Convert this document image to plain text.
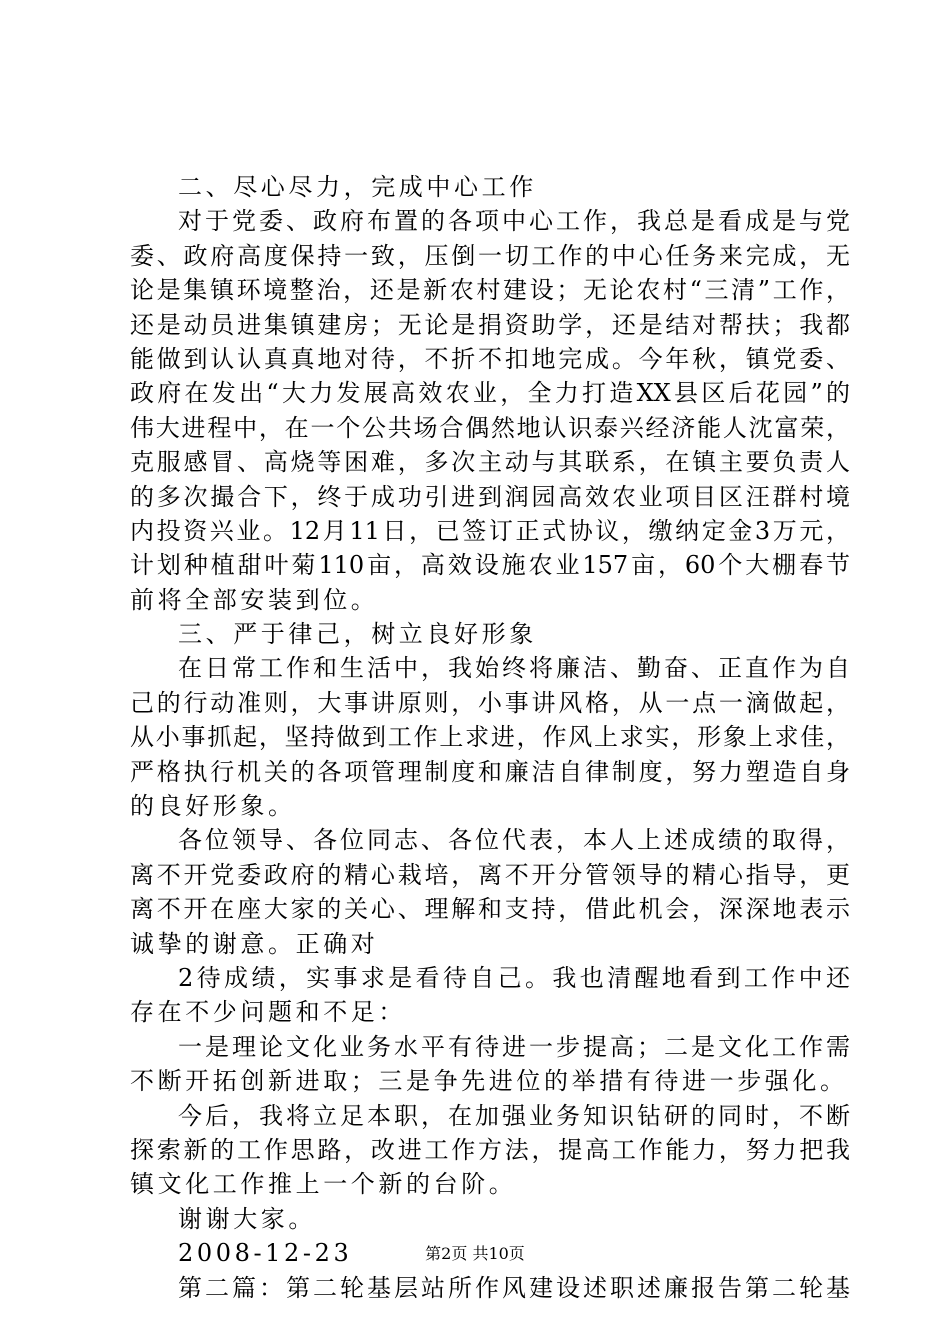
二、尽心尽力，完成中心工作
对于党委、政府布置的各项中心工作，我总是看成是与党
委、政府高度保持一致，压倒一切工作的中心任务来完成，无
论是集镇环境整治，还是新农村建设；无论农村“三清”工作，
还是动员进集镇建房；无论是捐资助学，还是结对帮扶；我都
能做到认认真真地对待，不折不扣地完成。今年秋，镇党委、
政府在发出“大力发展高效农业，全力打造XX县区后花园”的
伟大进程中，在一个公共场合偶然地认识泰兴经济能人沈富荣，
克服感冒、高烧等困难，多次主动与其联系，在镇主要负责人
的多次撮合下，终于成功引进到润园高效农业项目区汪群村境
内投资兴业。12月11日，已签订正式协议，缴纳定金3万元，
计划种植甜叶菊110亩，高效设施农业157亩，60个大棚春节
前将全部安装到位。
三、严于律己，树立良好形象
在日常工作和生活中，我始终将廉洁、勤奋、正直作为自
己的行动准则，大事讲原则，小事讲风格，从一点一滴做起，
从小事抓起，坚持做到工作上求进，作风上求实，形象上求佳，
严格执行机关的各项管理制度和廉洁自律制度，努力塑造自身
的良好形象。
各位领导、各位同志、各位代表，本人上述成绩的取得，
离不开党委政府的精心栽培，离不开分管领导的精心指导，更
离不开在座大家的关心、理解和支持，借此机会，深深地表示
诚挚的谢意。正确对
2待成绩，实事求是看待自己。我也清醒地看到工作中还
存在不少问题和不足：
一是理论文化业务水平有待进一步提高；二是文化工作需
不断开拓创新进取；三是争先进位的举措有待进一步强化。
今后，我将立足本职，在加强业务知识钻研的同时，不断
探索新的工作思路，改进工作方法，提高工作能力，努力把我
镇文化工作推上一个新的台阶。
谢谢大家。
2008-12-23
第二篇：第二轮基层站所作风建设述职述廉报告第二轮基
第2页 共10页
